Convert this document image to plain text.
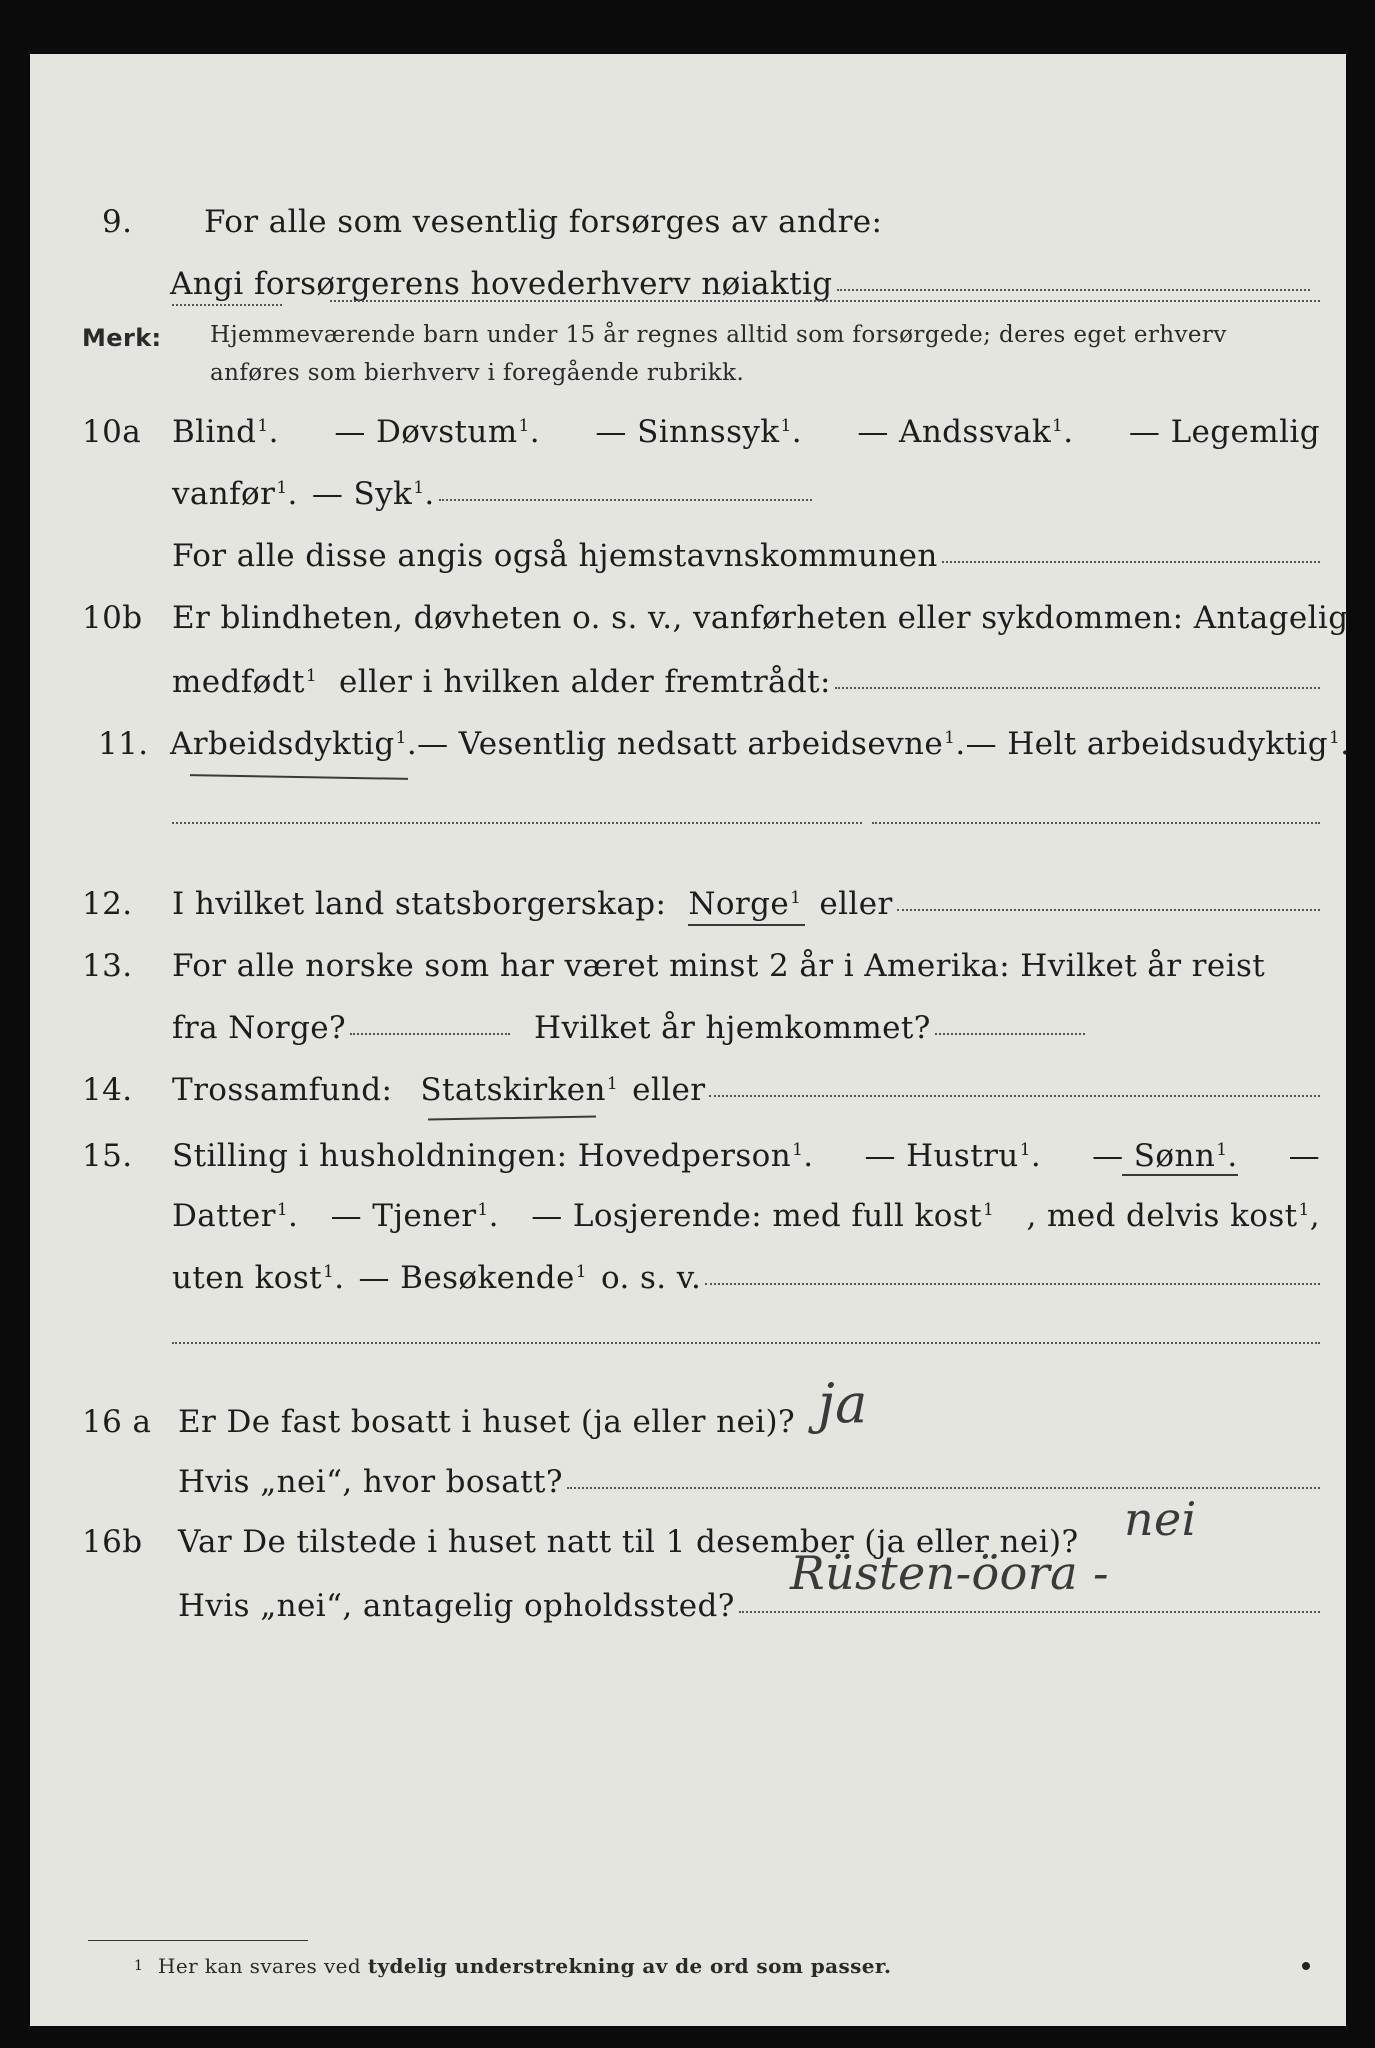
9.	For alle som vesentlig forsørges av andre:
Angi forsørgerens hovederhverv nøiaktig
Merk: Hjemmeværende barn under 15 år regnes alltid som forsørgede; deres eget erhverv
anføres som bierhverv i foregående rubrikk.
10a Blind$^1$. — Døvstum$^1$. — Sinnssyk$^1$. — Andssvak$^1$. — Legemlig
vanfør$^1$. — Syk$^1$.
For alle disse angis også hjemstavnskommunen
10b Er blindheten, døvheten o. s. v., vanførheten eller sykdommen: Antagelig
medfødt$^1$ eller i hvilken alder fremtrådt:
11. Arbeidsdyktig$^1$. — Vesentlig nedsatt arbeidsevne$^1$. — Helt arbeidsudyktig$^1$.
12. I hvilket land statsborgerskap: Norge$^1$ eller
13. For alle norske som har været minst 2 år i Amerika: Hvilket år reist
fra Norge?	Hvilket år hjemkommet?
14. Trossamfund: Statskirken$^1$ eller
15. Stilling i husholdningen: Hovedperson$^1$. — Hustru$^1$. — Sønn$^1$. —
Datter$^1$. — Tjener$^1$. — Losjerende: med full kost$^1$ , med delvis kost$^1$,
uten kost$^1$. — Besøkende$^1$ o. s. v.
16 a Er De fast bosatt i huset (ja eller nei)? ja
Hvis „nei“, hvor bosatt?
16b Var De tilstede i huset natt til 1 desember (ja eller nei)? nei
Hvis „nei“, antagelig opholdssted?
Rüsten-öora -
1 Her kan svares ved tydelig understrekning av de ord som passer.
